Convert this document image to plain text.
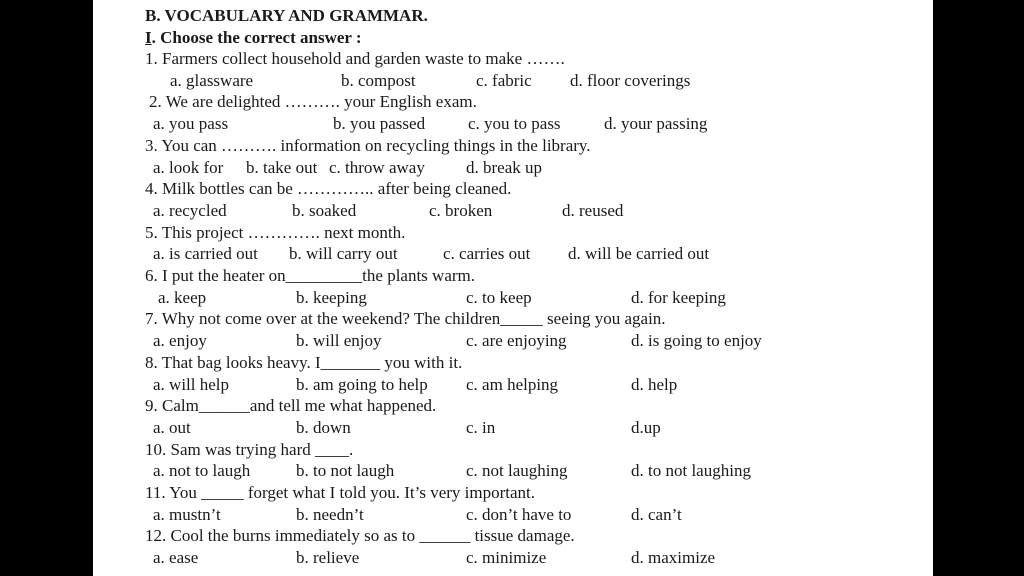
B. VOCABULARY AND GRAMMAR.
I. Choose the correct answer :
1. Farmers collect household and garden waste to make …….
a. glassware	b. compost	c. fabric d. floor coverings
2. We are delighted ………. your English exam.
a. you pass	b. you passed	c. you to pass	d. your passing
3. You can ………. information on recycling things in the library.
a. look for b. take out c. throw away d. break up
4. Milk bottles can be ………….. after being cleaned.
a. recycled	b. soaked	c. broken	d. reused
5. This project …………. next month.
a. is carried out b. will carry out	c. carries out d. will be carried out
6. I put the heater on_________the plants warm.
a. keep	b. keeping	c. to keep	d. for keeping
7. Why not come over at the weekend? The children_____ seeing you again.
a. enjoy	b. will enjoy	c. are enjoying	d. is going to enjoy
8. That bag looks heavy. I_______ you with it.
a. will help	b. am going to help c. am helping	d. help
9. Calm______and tell me what happened.
a. out	b. down	c. in	d.up
10. Sam was trying hard ____.
a. not to laugh	b. to not laugh	c. not laughing	d. to not laughing
11. You _____ forget what I told you. It’s very important.
a. mustn’t	b. needn’t	c. don’t have to	d. can’t
12. Cool the burns immediately so as to ______ tissue damage.
a. ease	b. relieve	c. minimize	d. maximize
